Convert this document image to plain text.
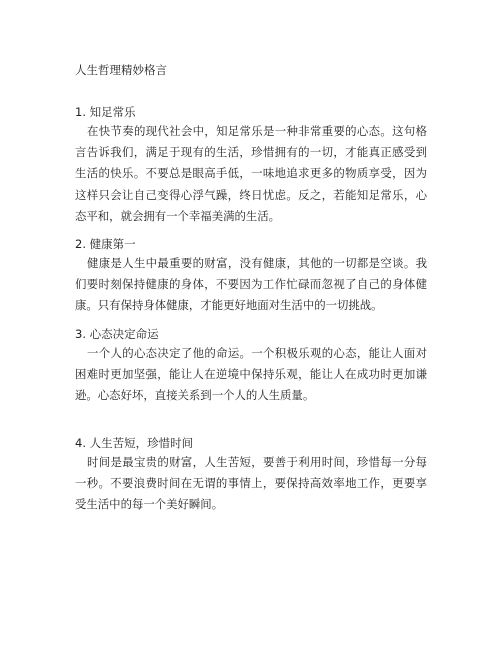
人生哲理精妙格言
1. 知足常乐

在快节奏的现代社会中，知足常乐是一种非常重要的心态。这句格言告诉我们，满足于现有的生活，珍惜拥有的一切，才能真正感受到生活的快乐。不要总是眼高手低，一味地追求更多的物质享受，因为这样只会让自己变得心浮气躁，终日忧虑。反之，若能知足常乐，心态平和，就会拥有一个幸福美满的生活。

2. 健康第一

健康是人生中最重要的财富，没有健康，其他的一切都是空谈。我们要时刻保持健康的身体，不要因为工作忙碌而忽视了自己的身体健康。只有保持身体健康，才能更好地面对生活中的一切挑战。

3. 心态决定命运

一个人的心态决定了他的命运。一个积极乐观的心态，能让人面对困难时更加坚强，能让人在逆境中保持乐观，能让人在成功时更加谦逊。心态好坏，直接关系到一个人的人生质量。

4. 人生苦短，珍惜时间

时间是最宝贵的财富，人生苦短，要善于利用时间，珍惜每一分每一秒。不要浪费时间在无谓的事情上，要保持高效率地工作，更要享受生活中的每一个美好瞬间。
